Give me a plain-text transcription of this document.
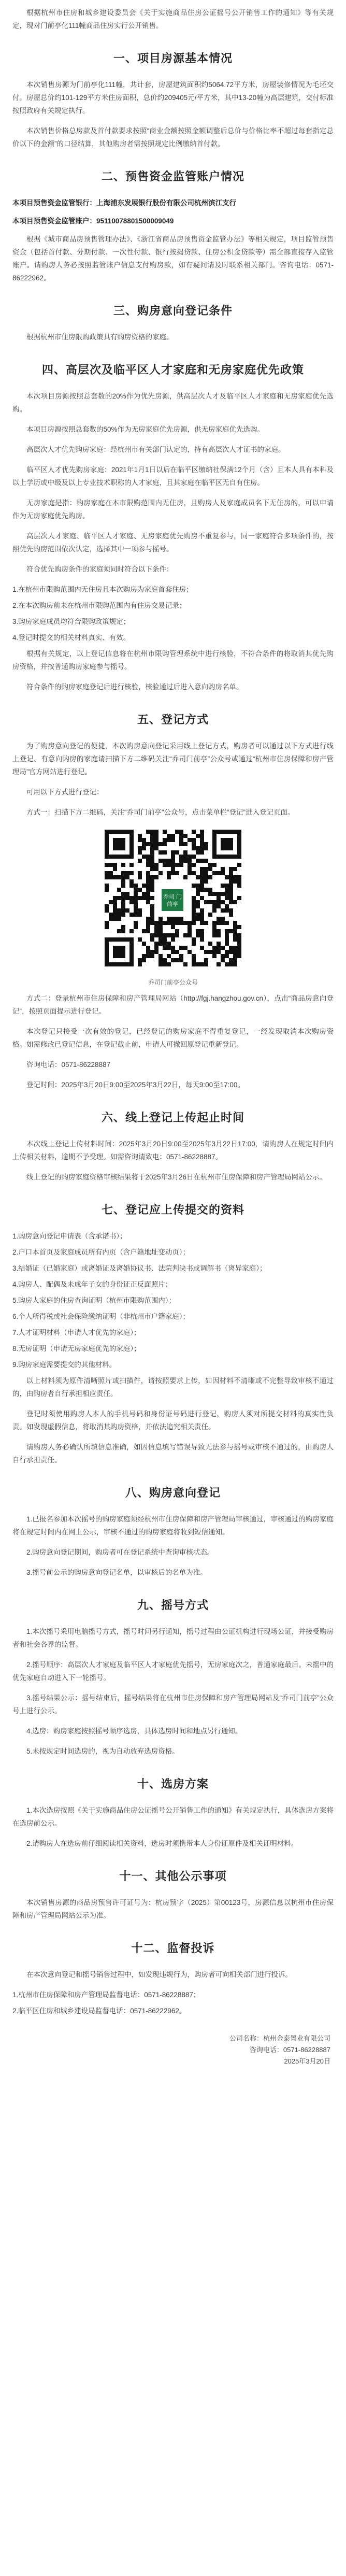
根据杭州市住房和城乡建设委员会《关于实施商品住房公证摇号公开销售工作的通知》等有关规定，现对门前亭化111幢商品住房实行公开销售。

一、项目房源基本情况

本次销售房源为门前亭化111幢，共计套，房屋建筑面积约5064.72平方米，房屋装修情况为毛坯交付。房屋总价约101-129平方米住房面积，总价约209405元/平方米，其中13-20幢为高层建筑，交付标准按照政府有关规定执行。

本次销售价格总房款及首付款要求按照“商业金额按照金额调整后总价与价格比率不超过每套指定总价以下的金额”的口径结算，其他购房者需按照规定比例缴纳首付款。

二、预售资金监管账户情况

本项目预售资金监管银行：上海浦东发展银行股份有限公司杭州滨江支行

本项目预售资金监管账户：95110078801500009049

根据《城市商品房预售管理办法》、《浙江省商品房预售资金监管办法》等相关规定，项目监管预售资金（包括首付款、分期付款、一次性付款、银行按揭贷款、住房公积金贷款等）需全部直接存入监管账户。请购房人务必按照监管账户信息支付购房款，如有疑问请及时联系相关部门。咨询电话：0571-86222962。

三、购房意向登记条件

根据杭州市住房限购政策具有购房资格的家庭。

四、高层次及临平区人才家庭和无房家庭优先政策

本次项目房源按照总套数的20%作为优先房源，供高层次人才及临平区人才家庭和无房家庭优先选购。

本项目房源按照总套数的50%作为无房家庭优先房源，供无房家庭优先选购。

高层次人才优先购房家庭：经杭州市有关部门认定的，持有高层次人才证书的家庭。

临平区人才优先购房家庭：2021年1月1日以后在临平区缴纳社保满12个月（含）且本人具有本科及以上学历或中级及以上专业技术职称的人才家庭，且其家庭在临平区无自有住房。

无房家庭是指：购房家庭在本市限购范围内无住房，且购房人及家庭成员名下无住房的，可以申请作为无房家庭优先购房。

高层次人才家庭、临平区人才家庭、无房家庭优先购房不重复参与，同一家庭符合多项条件的，按照优先购房范围依次认定，选择其中一项参与摇号。

符合优先购房条件的家庭须同时符合以下条件：

1.在杭州市限购范围内无住房且本次购房为家庭首套住房；
2.在本次购房前未在杭州市限购范围内有住房交易记录；
3.购房家庭成员均符合限购政策规定；
4.登记时提交的相关材料真实、有效。

根据有关规定，以上登记信息将在杭州市限购管理系统中进行核验，不符合条件的将取消其优先购房资格，并按普通购房家庭参与摇号。

符合条件的购房家庭登记后进行核验，核验通过后进入意向购房名单。

五、登记方式

为了购房意向登记的便捷，本次购房意向登记采用线上登记方式，购房者可以通过以下方式进行线上登记。有意向购房的家庭请扫描下方二维码关注“乔司门前亭”公众号或通过“杭州市住房保障和房产管理局”官方网站进行登记。

可用以下方式进行登记：

方式一：扫描下方二维码，关注“乔司门前亭”公众号，点击菜单栏“登记”进入登记页面。

乔司 门前亭
乔司门前亭公众号

方式二：登录杭州市住房保障和房产管理局网站（http://fgj.hangzhou.gov.cn），点击“商品房意向登记”，按照页面提示进行登记。

本次登记只接受一次有效的登记，已经登记的购房家庭不得重复登记，一经发现取消本次购房资格。如需修改已登记信息，在登记截止前，申请人可撤回原登记重新登记。

咨询电话：0571-86228887

登记时间：2025年3月20日9:00至2025年3月22日，每天9:00至17:00。

六、线上登记上传起止时间

本次线上登记上传材料时间：2025年3月20日9:00至2025年3月22日17:00，请购房人在规定时间内上传相关材料，逾期不予受理。如需咨询请致电：0571-86228887。

线上登记的购房家庭资格审核结果将于2025年3月26日在杭州市住房保障和房产管理局网站公示。

七、登记应上传提交的资料
1.购房意向登记申请表（含承诺书）；
2.户口本首页及家庭成员所有内页（含户籍地址变动页）；
3.结婚证（已婚家庭）或离婚证及离婚协议书、法院判决书或调解书（离异家庭）；
4.购房人、配偶及未成年子女的身份证正反面照片；
5.购房人家庭的住房查询证明（杭州市限购范围内）；
6.个人所得税或社会保险缴纳证明（非杭州市户籍家庭）；
7.人才证明材料（申请人才优先的家庭）；
8.无房证明（申请无房家庭优先的家庭）；
9.购房家庭需要提交的其他材料。

以上材料须为原件清晰照片或扫描件，请按照要求上传，如因材料不清晰或不完整导致审核不通过的，由购房者自行承担相应责任。

登记时须使用购房人本人的手机号码和身份证号码进行登记，购房人须对所提交材料的真实性负责。如发现虚假信息，将取消其购房资格，并依法追究相关责任。

请购房人务必确认所填信息准确，如因信息填写错误导致无法参与摇号或审核不通过的，由购房人自行承担责任。

八、购房意向登记

1.已报名参加本次摇号的购房家庭须经杭州市住房保障和房产管理局审核通过，审核通过的购房家庭将在规定时间内在网上公示，审核不通过的购房家庭将收到短信通知。

2.购房意向登记期间，购房者可在登记系统中查询审核状态。

3.摇号前公示的购房意向登记名单，以审核后的名单为准。

九、摇号方式

1.本次摇号采用电脑摇号方式，摇号时间另行通知，摇号过程由公证机构进行现场公证，并接受购房者和社会各界的监督。

2.摇号顺序：高层次人才家庭及临平区人才家庭优先摇号，无房家庭次之，普通家庭最后。未摇中的优先家庭自动进入下一轮摇号。

3.摇号结果公示：摇号结束后，摇号结果将在杭州市住房保障和房产管理局网站及“乔司门前亭”公众号上进行公示。

4.选房：购房家庭按照摇号顺序选房，具体选房时间和地点另行通知。

5.未按规定时间选房的，视为自动放弃选房资格。

十、选房方案

1.本次选房按照《关于实施商品住房公证摇号公开销售工作的通知》有关规定执行，具体选房方案将在选房前公示。

2.请购房人在选房前仔细阅读相关资料，选房时须携带本人身份证原件及相关证明材料。

十一、其他公示事项

本次销售房源的商品房预售许可证号为：杭房预字（2025）第00123号，房源信息以杭州市住房保障和房产管理局网站公示为准。

十二、监督投诉

在本次意向登记和摇号销售过程中，如发现违规行为，购房者可向相关部门进行投诉。

1.杭州市住房保障和房产管理局监督电话：0571-86228887；
2.临平区住房和城乡建设局监督电话：0571-86222962。
公司名称：杭州金泰置业有限公司
咨询电话：0571-86228887
2025年3月20日
